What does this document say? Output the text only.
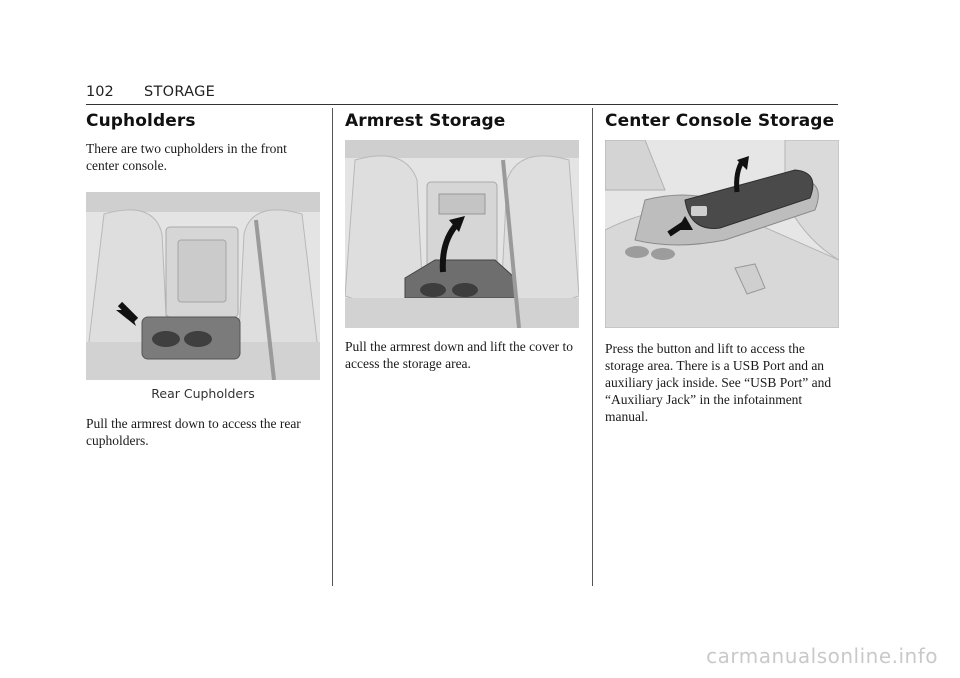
102 STORAGE
Cupholders

There are two cupholders in the front center console.

Rear Cupholders

Pull the armrest down to access the rear cupholders.

Armrest Storage

Pull the armrest down and lift the cover to access the storage area.

Center Console Storage

Press the button and lift to access the storage area. There is a USB Port and an auxiliary jack inside. See “USB Port” and “Auxiliary Jack” in the infotainment manual.

carmanualsonline.info
